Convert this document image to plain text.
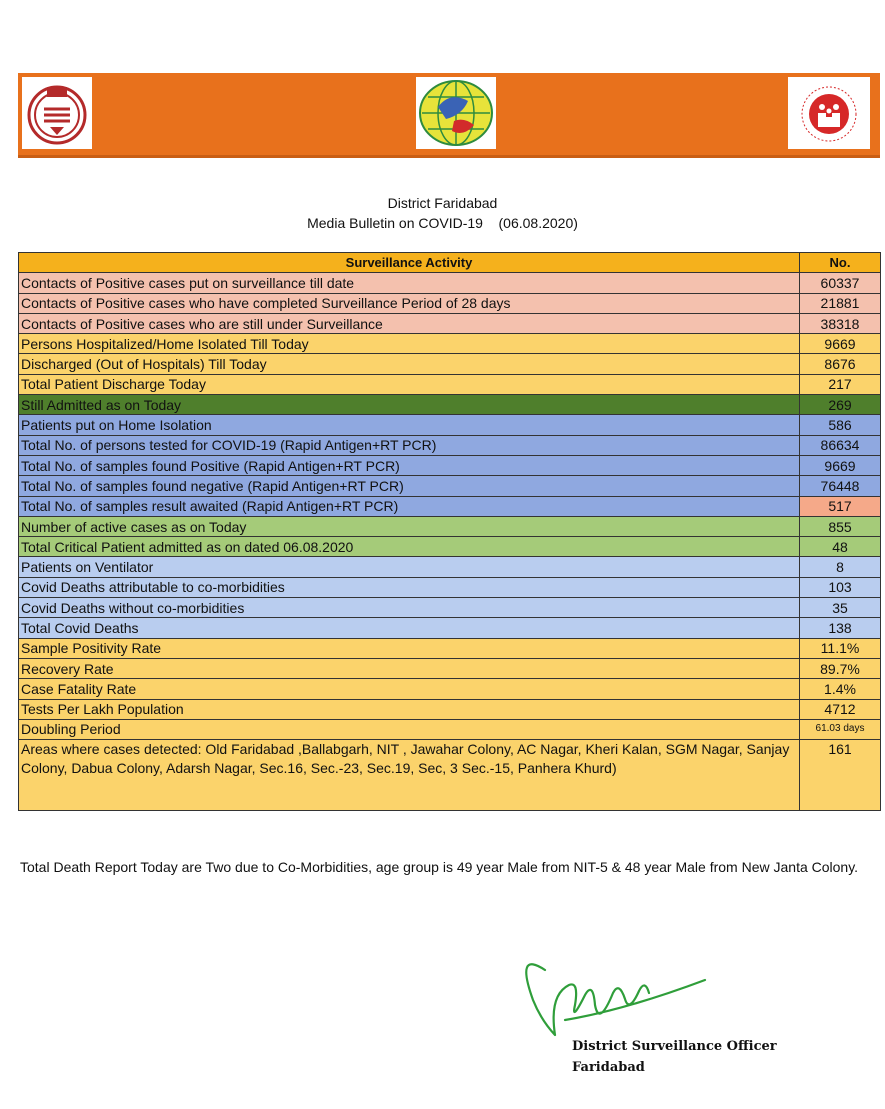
District Faridabad
Media Bulletin on COVID-19    (06.08.2020)
Surveillance Activity	No.
Contacts of Positive cases put on surveillance till date	60337
Contacts of Positive cases who have completed Surveillance Period of 28 days	21881
Contacts of Positive cases who are still under Surveillance	38318
Persons Hospitalized/Home Isolated Till Today	9669
Discharged (Out of Hospitals) Till Today	8676
Total Patient Discharge Today	217
Still Admitted as on Today	269
Patients put on Home Isolation	586
Total No. of persons tested for COVID-19 (Rapid Antigen+RT PCR)	86634
Total No. of samples found Positive (Rapid Antigen+RT PCR)	9669
Total No. of samples found negative (Rapid Antigen+RT PCR)	76448
Total No. of samples result awaited (Rapid Antigen+RT PCR)	517
Number of active cases as on Today	855
Total Critical Patient admitted as on dated 06.08.2020	48
Patients on Ventilator	8
Covid Deaths attributable to co-morbidities	103
Covid Deaths without co-morbidities	35
Total Covid Deaths	138
Sample Positivity Rate	11.1%
Recovery Rate	89.7%
Case Fatality Rate	1.4%
Tests Per Lakh Population	4712
Doubling Period	61.03 days
Areas where cases detected: Old Faridabad ,Ballabgarh, NIT , Jawahar Colony, AC Nagar, Kheri Kalan, SGM Nagar, Sanjay Colony, Dabua Colony, Adarsh Nagar, Sec.16, Sec.-23, Sec.19, Sec, 3 Sec.-15, Panhera Khurd)	161
Total Death Report Today are Two due to Co-Morbidities, age group is 49 year Male from NIT-5 & 48 year Male from New Janta Colony.
District Surveillance Officer
Faridabad
